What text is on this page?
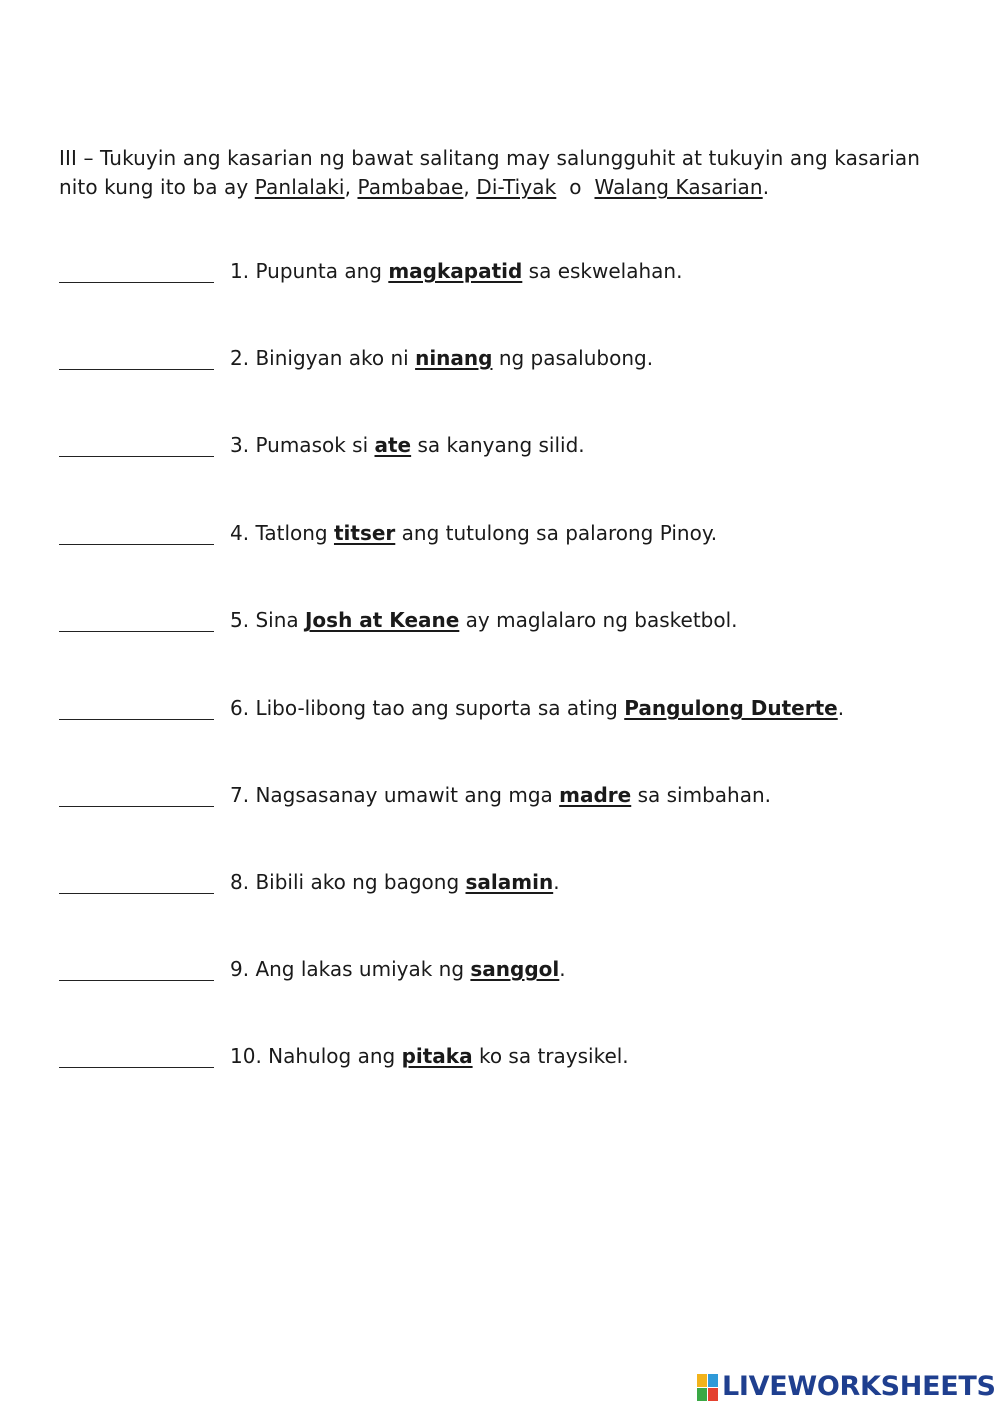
III – Tukuyin ang kasarian ng bawat salitang may salungguhit at tukuyin ang kasarian nito kung ito ba ay Panlalaki, Pambabae, Di-Tiyak  o  Walang Kasarian.
1. Pupunta ang magkapatid sa eskwelahan.
2. Binigyan ako ni ninang ng pasalubong.
3. Pumasok si ate sa kanyang silid.
4. Tatlong titser ang tutulong sa palarong Pinoy.
5. Sina Josh at Keane ay maglalaro ng basketbol.
6. Libo-libong tao ang suporta sa ating Pangulong Duterte.
7. Nagsasanay umawit ang mga madre sa simbahan.
8. Bibili ako ng bagong salamin.
9. Ang lakas umiyak ng sanggol.
10. Nahulog ang pitaka ko sa traysikel.
LIVEWORKSHEETS
